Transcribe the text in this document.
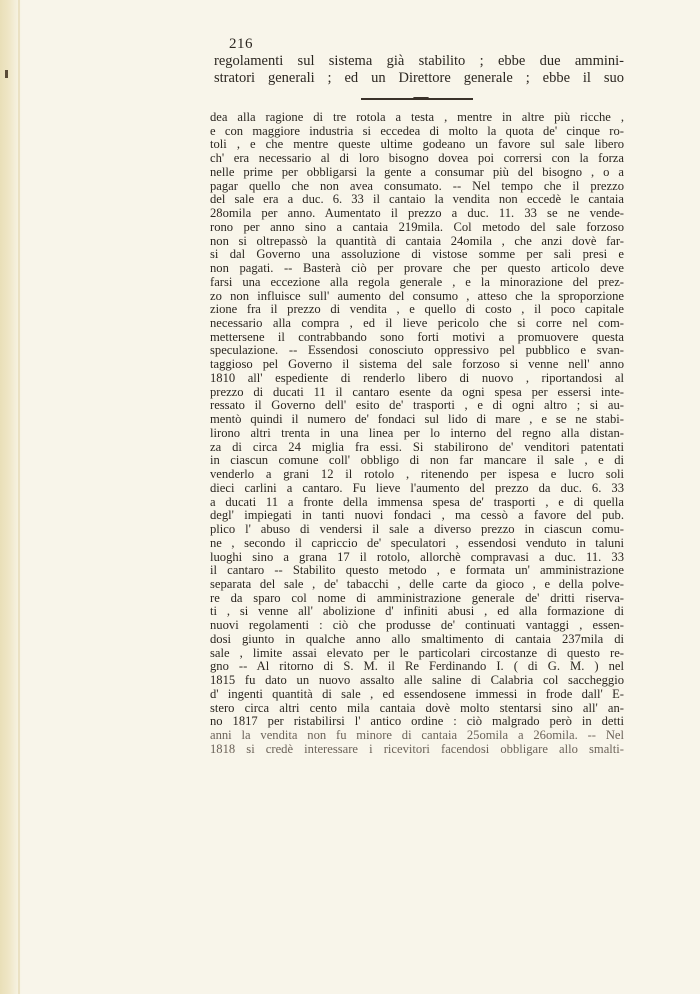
216
regolamenti sul sistema già stabilito ; ebbe due ammini-
stratori generali ; ed un Direttore generale ; ebbe il suo
dea alla ragione di tre rotola a testa , mentre in altre più ricche ,
e con maggiore industria si eccedea di molto la quota de' cinque ro-
toli , e che mentre queste ultime godeano un favore sul sale libero
ch' era necessario al di loro bisogno dovea poi corrersi con la forza
nelle prime per obbligarsi la gente a consumar più del bisogno , o a
pagar quello che non avea consumato. -- Nel tempo che il prezzo
del sale era a duc. 6. 33 il cantaio la vendita non eccedè le cantaia
28omila per anno. Aumentato il prezzo a duc. 11. 33 se ne vende-
rono per anno sino a cantaia 219mila. Col metodo del sale forzoso
non si oltrepassò la quantità di cantaia 24omila , che anzi dovè far-
si dal Governo una assoluzione di vistose somme per sali presi e
non pagati. -- Basterà ciò per provare che per questo articolo deve
farsi una eccezione alla regola generale , e la minorazione del prez-
zo non influisce sull' aumento del consumo , atteso che la sproporzione
zione fra il prezzo di vendita , e quello di costo , il poco capitale
necessario alla compra , ed il lieve pericolo che si corre nel com-
mettersene il contrabbando sono forti motivi a promuovere questa
speculazione. -- Essendosi conosciuto oppressivo pel pubblico e svan-
taggioso pel Governo il sistema del sale forzoso si venne nell' anno
1810 all' espediente di renderlo libero di nuovo , riportandosi al
prezzo di ducati 11 il cantaro esente da ogni spesa per essersi inte-
ressato il Governo dell' esito de' trasporti , e di ogni altro ; si au-
mentò quindi il numero de' fondaci sul lido di mare , e se ne stabi-
lirono altri trenta in una linea per lo interno del regno alla distan-
za di circa 24 miglia fra essi. Si stabilirono de' venditori patentati
in ciascun comune coll' obbligo di non far mancare il sale , e di
venderlo a grani 12 il rotolo , ritenendo per ispesa e lucro soli
dieci carlini a cantaro. Fu lieve l'aumento del prezzo da duc. 6. 33
a ducati 11 a fronte della immensa spesa de' trasporti , e di quella
degl' impiegati in tanti nuovi fondaci , ma cessò a favore del pub.
plico l' abuso di vendersi il sale a diverso prezzo in ciascun comu-
ne , secondo il capriccio de' speculatori , essendosi venduto in taluni
luoghi sino a grana 17 il rotolo, allorchè compravasi a duc. 11. 33
il cantaro -- Stabilito questo metodo , e formata un' amministrazione
separata del sale , de' tabacchi , delle carte da gioco , e della polve-
re da sparo col nome di amministrazione generale de' dritti riserva-
ti , si venne all' abolizione d' infiniti abusi , ed alla formazione di
nuovi regolamenti : ciò che produsse de' continuati vantaggi , essen-
dosi giunto in qualche anno allo smaltimento di cantaia 237mila di
sale , limite assai elevato per le particolari circostanze di questo re-
gno -- Al ritorno di S. M. il Re Ferdinando I. ( di G. M. ) nel
1815 fu dato un nuovo assalto alle saline di Calabria col saccheggio
d' ingenti quantità di sale , ed essendosene immessi in frode dall' E-
stero circa altri cento mila cantaia dovè molto stentarsi sino all' an-
no 1817 per ristabilirsi l' antico ordine : ciò malgrado però in detti
anni la vendita non fu minore di cantaia 25omila a 26omila. -- Nel
1818 si credè interessare i ricevitori facendosi obbligare allo smalti-
